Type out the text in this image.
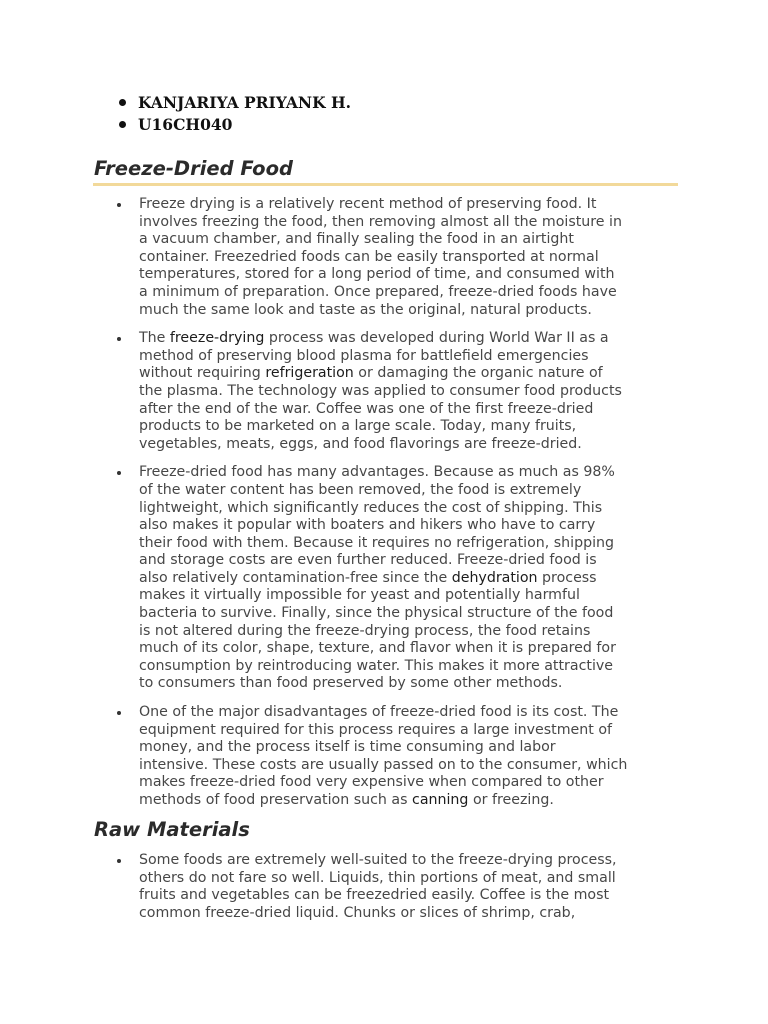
KANJARIYA PRIYANK H.
U16CH040
Freeze-Dried Food
Freeze drying is a relatively recent method of preserving food. It
involves freezing the food, then removing almost all the moisture in
a vacuum chamber, and finally sealing the food in an airtight
container. Freezedried foods can be easily transported at normal
temperatures, stored for a long period of time, and consumed with
a minimum of preparation. Once prepared, freeze-dried foods have
much the same look and taste as the original, natural products.
The freeze-drying process was developed during World War II as a
method of preserving blood plasma for battlefield emergencies
without requiring refrigeration or damaging the organic nature of
the plasma. The technology was applied to consumer food products
after the end of the war. Coffee was one of the first freeze-dried
products to be marketed on a large scale. Today, many fruits,
vegetables, meats, eggs, and food flavorings are freeze-dried.
Freeze-dried food has many advantages. Because as much as 98%
of the water content has been removed, the food is extremely
lightweight, which significantly reduces the cost of shipping. This
also makes it popular with boaters and hikers who have to carry
their food with them. Because it requires no refrigeration, shipping
and storage costs are even further reduced. Freeze-dried food is
also relatively contamination-free since the dehydration process
makes it virtually impossible for yeast and potentially harmful
bacteria to survive. Finally, since the physical structure of the food
is not altered during the freeze-drying process, the food retains
much of its color, shape, texture, and flavor when it is prepared for
consumption by reintroducing water. This makes it more attractive
to consumers than food preserved by some other methods.
One of the major disadvantages of freeze-dried food is its cost. The
equipment required for this process requires a large investment of
money, and the process itself is time consuming and labor
intensive. These costs are usually passed on to the consumer, which
makes freeze-dried food very expensive when compared to other
methods of food preservation such as canning or freezing.
Raw Materials
Some foods are extremely well-suited to the freeze-drying process,
others do not fare so well. Liquids, thin portions of meat, and small
fruits and vegetables can be freezedried easily. Coffee is the most
common freeze-dried liquid. Chunks or slices of shrimp, crab,
